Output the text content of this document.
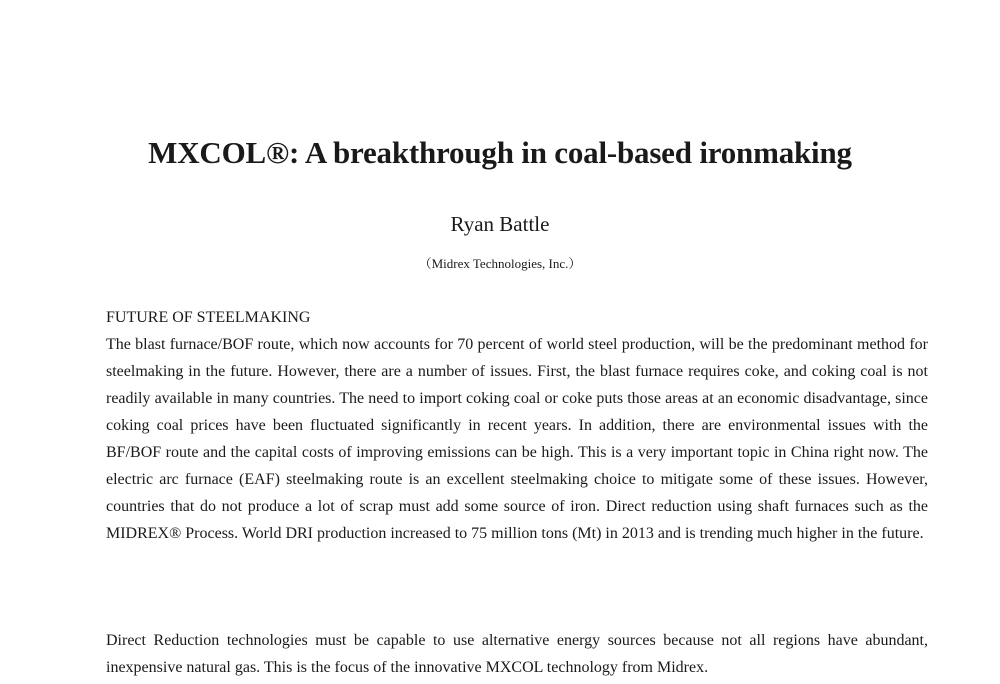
MXCOL®: A breakthrough in coal-based ironmaking
Ryan Battle
（Midrex Technologies, Inc.）
FUTURE OF STEELMAKING

The blast furnace/BOF route, which now accounts for 70 percent of world steel production, will be the predominant method for steelmaking in the future. However, there are a number of issues. First, the blast furnace requires coke, and coking coal is not readily available in many countries. The need to import coking coal or coke puts those areas at an economic disadvantage, since coking coal prices have been fluctuated significantly in recent years. In addition, there are environmental issues with the BF/BOF route and the capital costs of improving emissions can be high. This is a very important topic in China right now. The electric arc furnace (EAF) steelmaking route is an excellent steelmaking choice to mitigate some of these issues. However, countries that do not produce a lot of scrap must add some source of iron. Direct reduction using shaft furnaces such as the MIDREX® Process. World DRI production increased to 75 million tons (Mt) in 2013 and is trending much higher in the future.

Direct Reduction technologies must be capable to use alternative energy sources because not all regions have abundant, inexpensive natural gas. This is the focus of the innovative MXCOL technology from Midrex.
